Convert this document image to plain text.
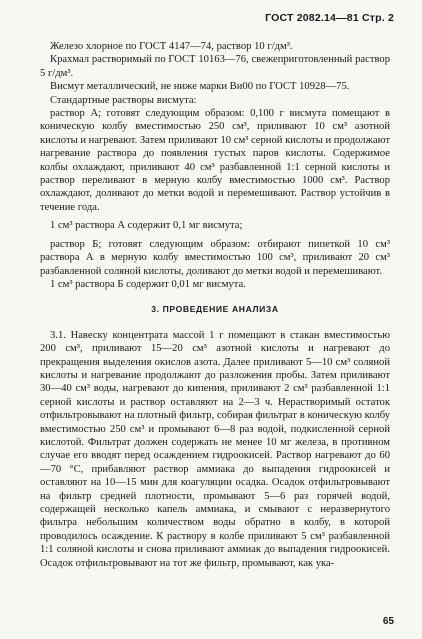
ГОСТ 2082.14—81 Стр. 2

Железо хлорное по ГОСТ 4147—74, раствор 10 г/дм³.

Крахмал растворимый по ГОСТ 10163—76, свежеприготовленный раствор 5 г/дм³.

Висмут металлический, не ниже марки Ви00 по ГОСТ 10928—75.

Стандартные растворы висмута:

раствор А; готовят следующим образом: 0,100 г висмута помещают в коническую колбу вместимостью 250 см³, приливают 10 см³ азотной кислоты и нагревают. Затем приливают 10 см³ серной кислоты и продолжают нагревание раствора до появления густых паров кислоты. Содержимое колбы охлаждают, приливают 40 см³ разбавленной 1:1 серной кислоты и раствор переливают в мерную колбу вместимостью 1000 см³. Раствор охлаждают, доливают до метки водой и перемешивают. Раствор устойчив в течение года.

1 см³ раствора А содержит 0,1 мг висмута;

раствор Б; готовят следующим образом: отбирают пипеткой 10 см³ раствора А в мерную колбу вместимостью 100 см³, приливают 20 см³ разбавленной соляной кислоты, доливают до метки водой и перемешивают.

1 см³ раствора Б содержит 0,01 мг висмута.

3. ПРОВЕДЕНИЕ АНАЛИЗА

3.1. Навеску концентрата массой 1 г помещают в стакан вместимостью 200 см³, приливают 15—20 см³ азотной кислоты и нагревают до прекращения выделения окислов азота. Далее приливают 5—10 см³ соляной кислоты и нагревание продолжают до разложения пробы. Затем приливают 30—40 см³ воды, нагревают до кипения, приливают 2 см³ разбавленной 1:1 серной кислоты и раствор оставляют на 2—3 ч. Нерастворимый остаток отфильтровывают на плотный фильтр, собирая фильтрат в коническую колбу вместимостью 250 см³ и промывают 6—8 раз водой, подкисленной серной кислотой. Фильтрат должен содержать не менее 10 мг железа, в противном случае его вводят перед осаждением гидроокисей. Раствор нагревают до 60—70 °С, прибавляют раствор аммиака до выпадения гидроокисей и оставляют на 10—15 мин для коагуляции осадка. Осадок отфильтровывают на фильтр средней плотности, промывают 5—6 раз горячей водой, содержащей несколько капель аммиака, и смывают с неразвернутого фильтра небольшим количеством воды обратно в колбу, в которой проводилось осаждение. К раствору в колбе приливают 5 см³ разбавленной 1:1 соляной кислоты и снова приливают аммиак до выпадения гидроокисей. Осадок отфильтровывают на тот же фильтр, промывают, как ука-

65
